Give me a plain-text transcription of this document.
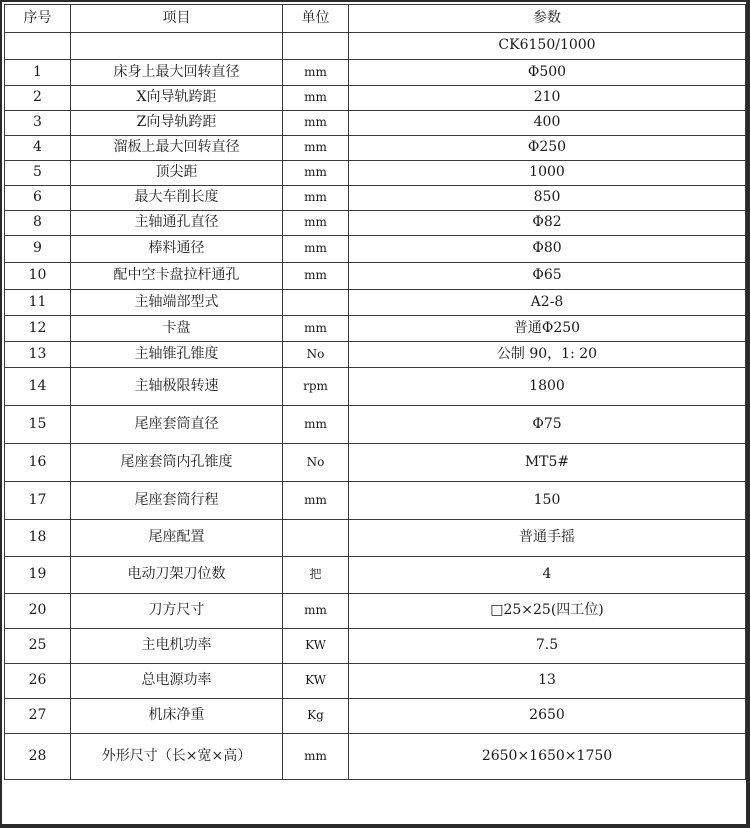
序号	项目	单位	参数
			CK6150/1000
1	床身上最大回转直径	mm	Φ500
2	X向导轨跨距	mm	210
3	Z向导轨跨距	mm	400
4	溜板上最大回转直径	mm	Φ250
5	顶尖距	mm	1000
6	最大车削长度	mm	850
8	主轴通孔直径	mm	Φ82
9	棒料通径	mm	Φ80
10	配中空卡盘拉杆通孔	mm	Φ65
11	主轴端部型式		A2-8
12	卡盘	mm	普通Φ250
13	主轴锥孔锥度	No	公制 90，1: 20
14	主轴极限转速	rpm	1800
15	尾座套筒直径	mm	Φ75
16	尾座套筒内孔锥度	No	MT5#
17	尾座套筒行程	mm	150
18	尾座配置		普通手摇
19	电动刀架刀位数	把	4
20	刀方尺寸	mm	□25×25(四工位)
25	主电机功率	KW	7.5
26	总电源功率	KW	13
27	机床净重	Kg	2650
28	外形尺寸（长×宽×高）	mm	2650×1650×1750
